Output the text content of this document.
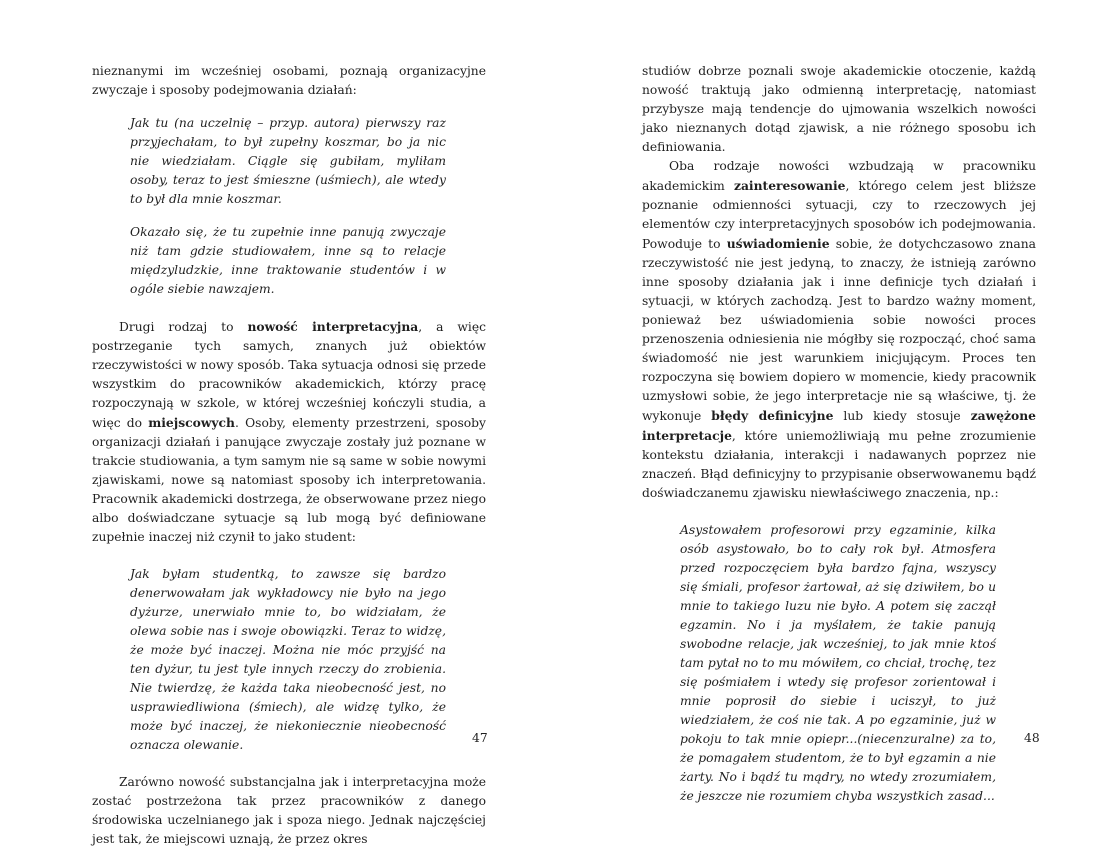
nieznanymi im wcześniej osobami, poznają organizacyjne zwyczaje i sposoby podejmowania działań:

Jak tu (na uczelnię – przyp. autora) pierwszy raz przyjechałam, to był zupełny koszmar, bo ja nic nie wiedziałam. Ciągle się gubiłam, myliłam osoby, teraz to jest śmieszne (uśmiech), ale wtedy to był dla mnie koszmar.

Okazało się, że tu zupełnie inne panują zwyczaje niż tam gdzie studiowałem, inne są to relacje międzyludzkie, inne traktowanie studentów i w ogóle siebie nawzajem.

Drugi rodzaj to nowość interpretacyjna, a więc postrzeganie tych samych, znanych już obiektów rzeczywistości w nowy sposób. Taka sytuacja odnosi się przede wszystkim do pracowników akademickich, którzy pracę rozpoczynają w szkole, w której wcześniej kończyli studia, a więc do miejscowych. Osoby, elementy przestrzeni, sposoby organizacji działań i panujące zwyczaje zostały już poznane w trakcie studiowania, a tym samym nie są same w sobie nowymi zjawiskami, nowe są natomiast sposoby ich interpretowania. Pracownik akademicki dostrzega, że obserwowane przez niego albo doświadczane sytuacje są lub mogą być definiowane zupełnie inaczej niż czynił to jako student:

Jak byłam studentką, to zawsze się bardzo denerwowałam jak wykładowcy nie było na jego dyżurze, unerwiało mnie to, bo widziałam, że olewa sobie nas i swoje obowiązki. Teraz to widzę, że może być inaczej. Można nie móc przyjść na ten dyżur, tu jest tyle innych rzeczy do zrobienia. Nie twierdzę, że każda taka nieobecność jest, no usprawiedliwiona (śmiech), ale widzę tylko, że może być inaczej, że niekoniecznie nieobecność oznacza olewanie.

Zarówno nowość substancjalna jak i interpretacyjna może zostać postrzeżona tak przez pracowników z danego środowiska uczelnianego jak i spoza niego. Jednak najczęściej jest tak, że miejscowi uznają, że przez okres

47

studiów dobrze poznali swoje akademickie otoczenie, każdą nowość traktują jako odmienną interpretację, natomiast przybysze mają tendencje do ujmowania wszelkich nowości jako nieznanych dotąd zjawisk, a nie różnego sposobu ich definiowania.

Oba rodzaje nowości wzbudzają w pracowniku akademickim zainteresowanie, którego celem jest bliższe poznanie odmienności sytuacji, czy to rzeczowych jej elementów czy interpretacyjnych sposobów ich podejmowania. Powoduje to uświadomienie sobie, że dotychczasowo znana rzeczywistość nie jest jedyną, to znaczy, że istnieją zarówno inne sposoby działania jak i inne definicje tych działań i sytuacji, w których zachodzą. Jest to bardzo ważny moment, ponieważ bez uświadomienia sobie nowości proces przenoszenia odniesienia nie mógłby się rozpocząć, choć sama świadomość nie jest warunkiem inicjującym. Proces ten rozpoczyna się bowiem dopiero w momencie, kiedy pracownik uzmysłowi sobie, że jego interpretacje nie są właściwe, tj. że wykonuje błędy definicyjne lub kiedy stosuje zawężone interpretacje, które uniemożliwiają mu pełne zrozumienie kontekstu działania, interakcji i nadawanych poprzez nie znaczeń. Błąd definicyjny to przypisanie obserwowanemu bądź doświadczanemu zjawisku niewłaściwego znaczenia, np.:

Asystowałem profesorowi przy egzaminie, kilka osób asystowało, bo to cały rok był. Atmosfera przed rozpoczęciem była bardzo fajna, wszyscy się śmiali, profesor żartował, aż się dziwiłem, bo u mnie to takiego luzu nie było. A potem się zaczął egzamin. No i ja myślałem, że takie panują swobodne relacje, jak wcześniej, to jak mnie ktoś tam pytał no to mu mówiłem, co chciał, trochę, tez się pośmiałem i wtedy się profesor zorientował i mnie poprosił do siebie i uciszył, to już wiedziałem, że coś nie tak. A po egzaminie, już w pokoju to tak mnie opiepr...(niecenzuralne) za to, że pomagałem studentom, że to był egzamin a nie żarty. No i bądź tu mądry, no wtedy zrozumiałem, że jeszcze nie rozumiem chyba wszystkich zasad...

48
